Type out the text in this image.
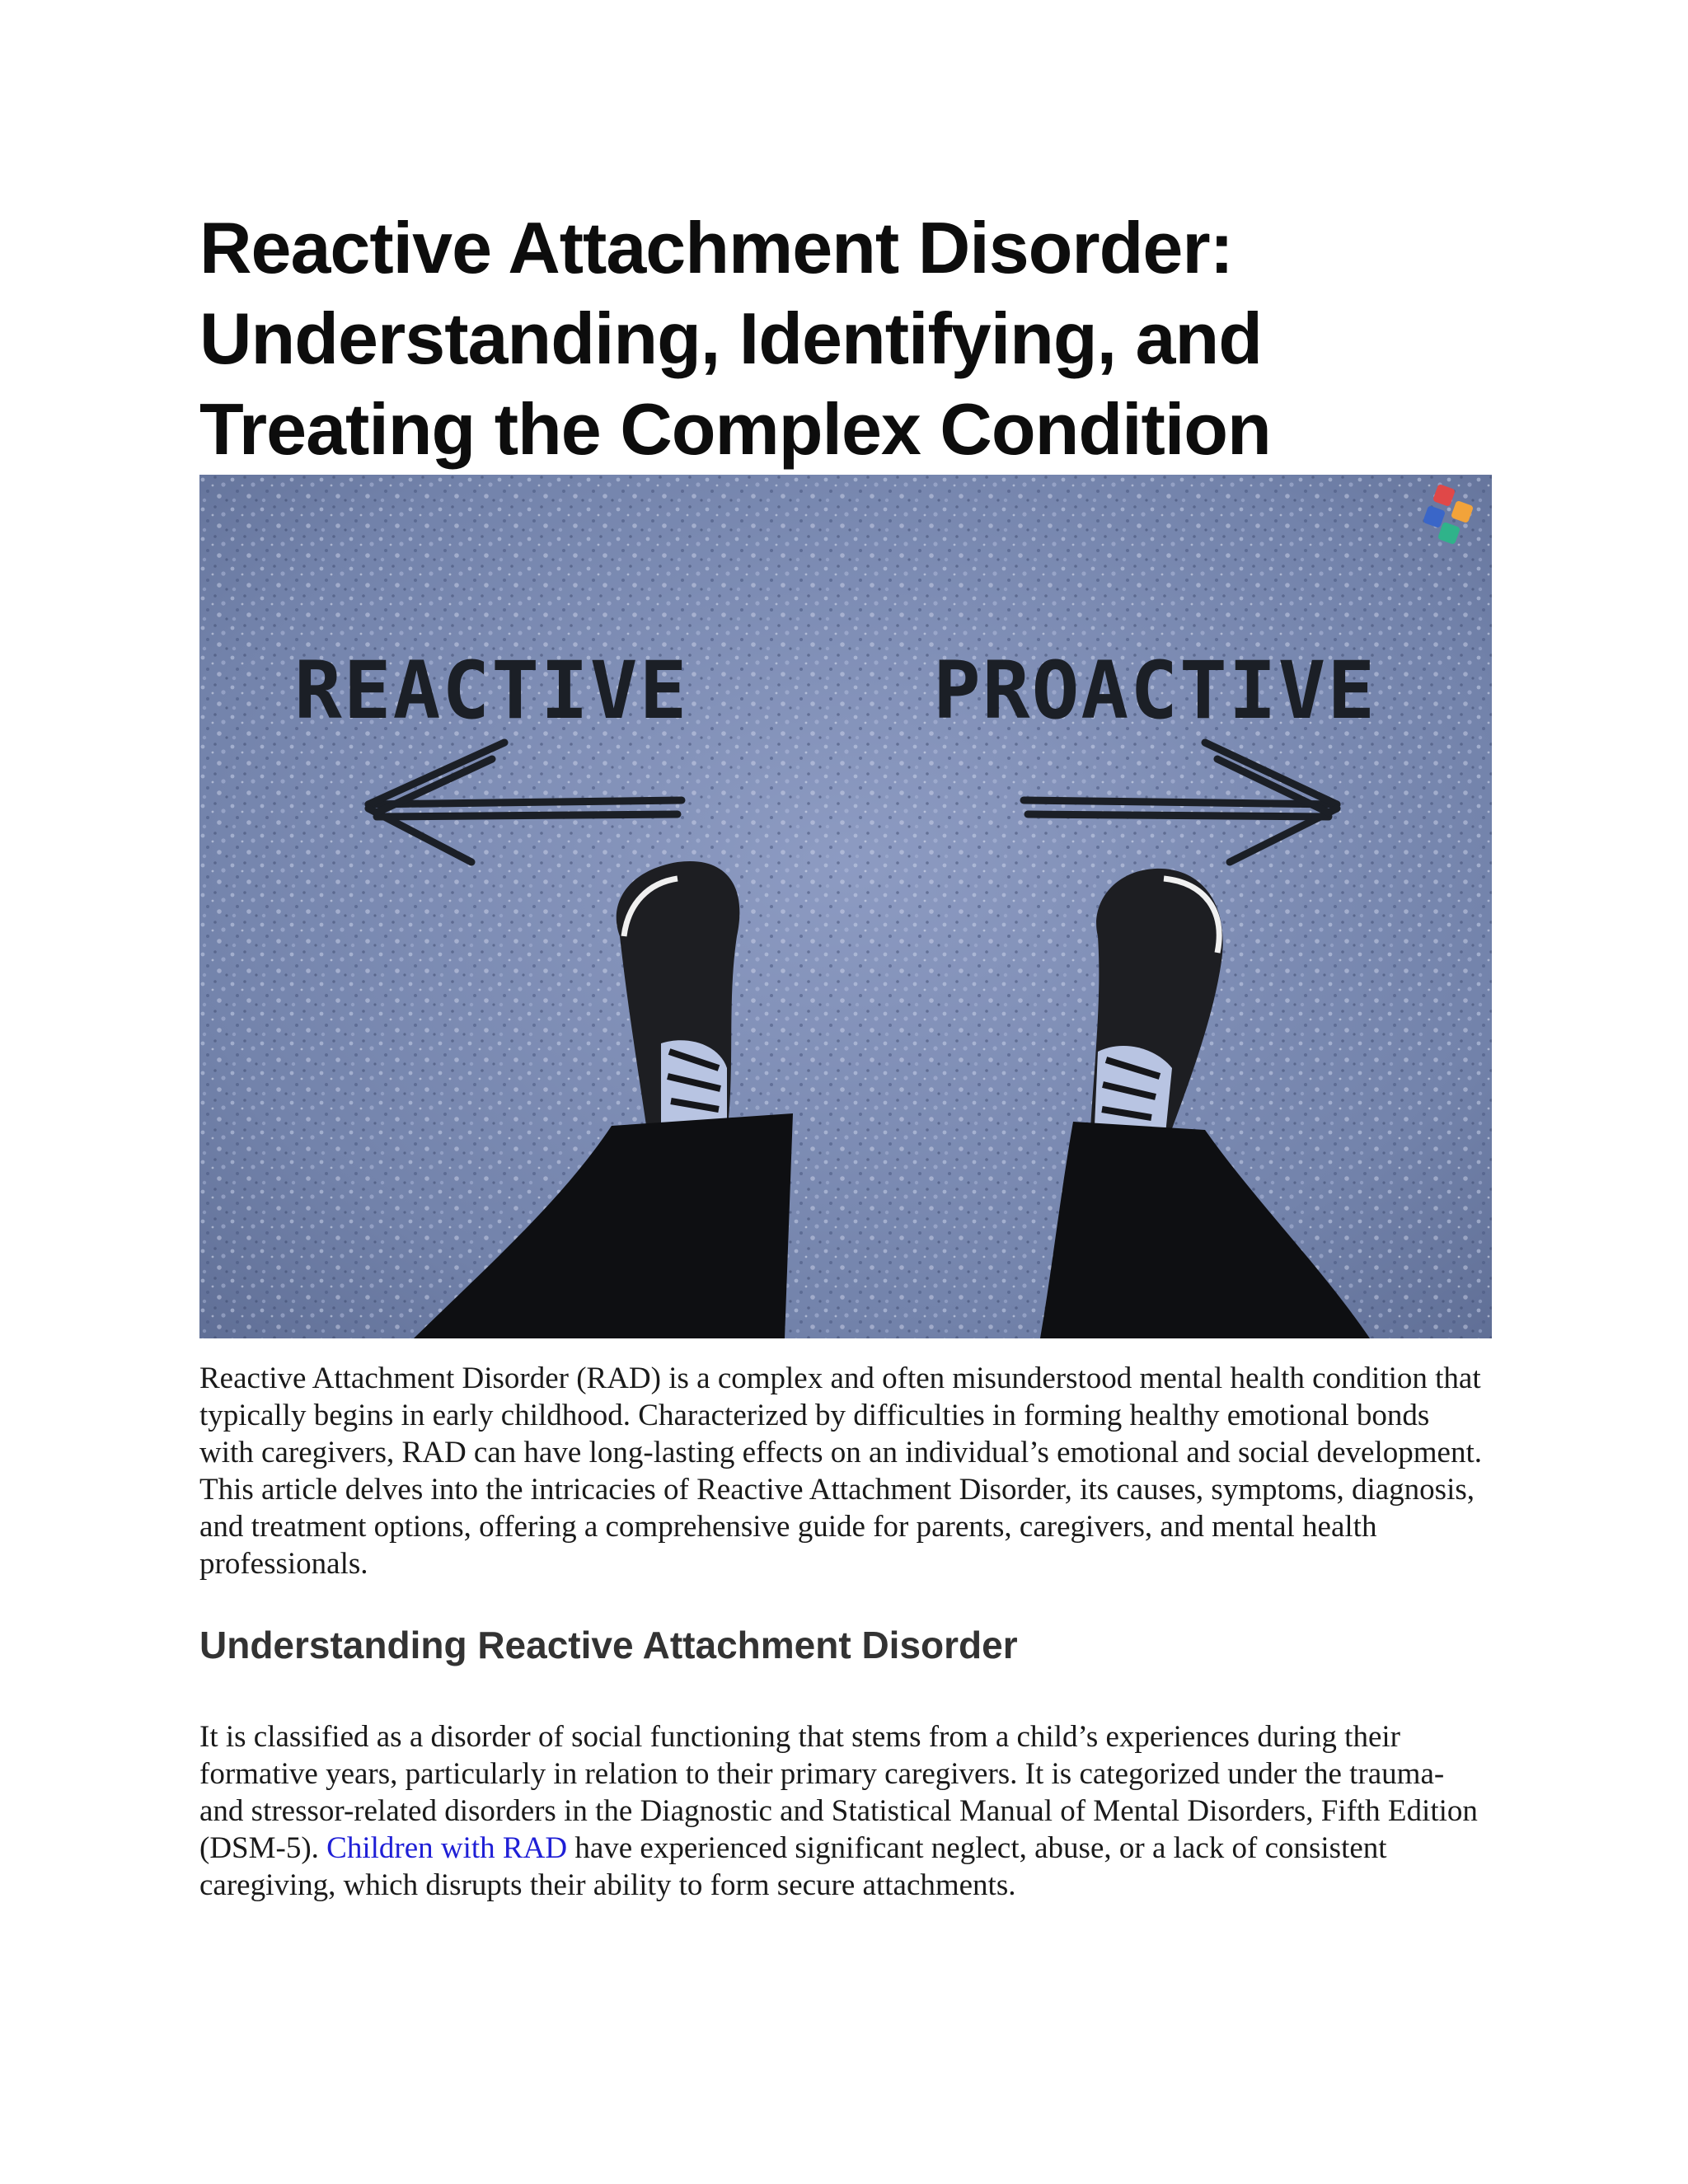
Reactive Attachment Disorder: Understanding, Identifying, and Treating the Complex Condition
REACTIVE	PROACTIVE

Reactive Attachment Disorder (RAD) is a complex and often misunderstood mental health condition that typically begins in early childhood. Characterized by difficulties in forming healthy emotional bonds with caregivers, RAD can have long-lasting effects on an individual’s emotional and social development. This article delves into the intricacies of Reactive Attachment Disorder, its causes, symptoms, diagnosis, and treatment options, offering a comprehensive guide for parents, caregivers, and mental health professionals.

Understanding Reactive Attachment Disorder

It is classified as a disorder of social functioning that stems from a child’s experiences during their formative years, particularly in relation to their primary caregivers. It is categorized under the trauma- and stressor-related disorders in the Diagnostic and Statistical Manual of Mental Disorders, Fifth Edition (DSM-5). Children with RAD have experienced significant neglect, abuse, or a lack of consistent caregiving, which disrupts their ability to form secure attachments.
